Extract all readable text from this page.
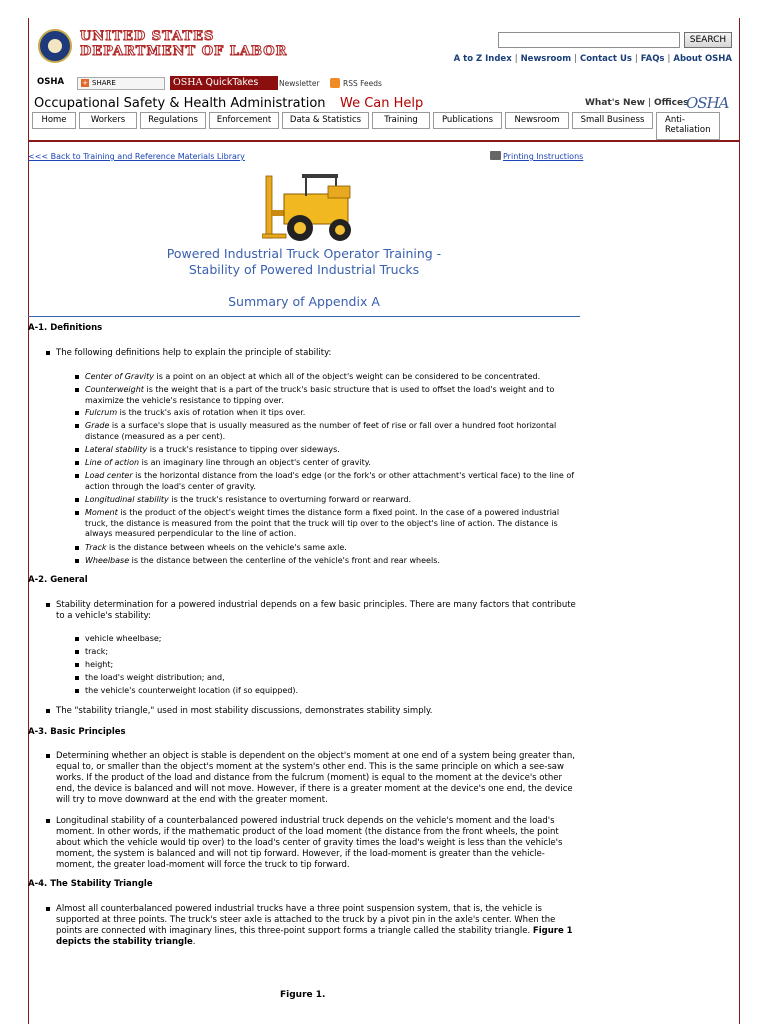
UNITED STATES
DEPARTMENT OF LABOR
SEARCH
A to Z Index | Newsroom | Contact Us | FAQs | About OSHA
OSHA	+ SHARE	OSHA QuickTakes	Newsletter	RSS Feeds
Occupational Safety & Health Administration We Can Help	What's New | Offices
OSHA
Home	Workers	Regulations	Enforcement	Data & Statistics	Training	Publications	Newsroom	Small Business	Anti-
Retaliation
<<< Back to Training and Reference Materials Library	Printing Instructions
Powered Industrial Truck Operator Training -
Stability of Powered Industrial Trucks
Summary of Appendix A
A-1. Definitions
The following definitions help to explain the principle of stability:
Center of Gravity is a point on an object at which all of the object's weight can be considered to be concentrated.
Counterweight is the weight that is a part of the truck's basic structure that is used to offset the load's weight and to maximize the vehicle's resistance to tipping over.
Fulcrum is the truck's axis of rotation when it tips over.
Grade is a surface's slope that is usually measured as the number of feet of rise or fall over a hundred foot horizontal distance (measured as a per cent).
Lateral stability is a truck's resistance to tipping over sideways.
Line of action is an imaginary line through an object's center of gravity.
Load center is the horizontal distance from the load's edge (or the fork's or other attachment's vertical face) to the line of action through the load's center of gravity.
Longitudinal stability is the truck's resistance to overturning forward or rearward.
Moment is the product of the object's weight times the distance form a fixed point. In the case of a powered industrial truck, the distance is measured from the point that the truck will tip over to the object's line of action. The distance is always measured perpendicular to the line of action.
Track is the distance between wheels on the vehicle's same axle.
Wheelbase is the distance between the centerline of the vehicle's front and rear wheels.
A-2. General
Stability determination for a powered industrial depends on a few basic principles. There are many factors that contribute to a vehicle's stability:
vehicle wheelbase;
track;
height;
the load's weight distribution; and,
the vehicle's counterweight location (if so equipped).
The "stability triangle," used in most stability discussions, demonstrates stability simply.
A-3. Basic Principles
Determining whether an object is stable is dependent on the object's moment at one end of a system being greater than, equal to, or smaller than the object's moment at the system's other end. This is the same principle on which a see-saw works. If the product of the load and distance from the fulcrum (moment) is equal to the moment at the device's other end, the device is balanced and will not move. However, if there is a greater moment at the device's one end, the device will try to move downward at the end with the greater moment.
Longitudinal stability of a counterbalanced powered industrial truck depends on the vehicle's moment and the load's moment. In other words, if the mathematic product of the load moment (the distance from the front wheels, the point about which the vehicle would tip over) to the load's center of gravity times the load's weight is less than the vehicle's moment, the system is balanced and will not tip forward. However, if the load-moment is greater than the vehicle-moment, the greater load-moment will force the truck to tip forward.
A-4. The Stability Triangle
Almost all counterbalanced powered industrial trucks have a three point suspension system, that is, the vehicle is supported at three points. The truck's steer axle is attached to the truck by a pivot pin in the axle's center. When the points are connected with imaginary lines, this three-point support forms a triangle called the stability triangle. Figure 1 depicts the stability triangle.
Figure 1.
